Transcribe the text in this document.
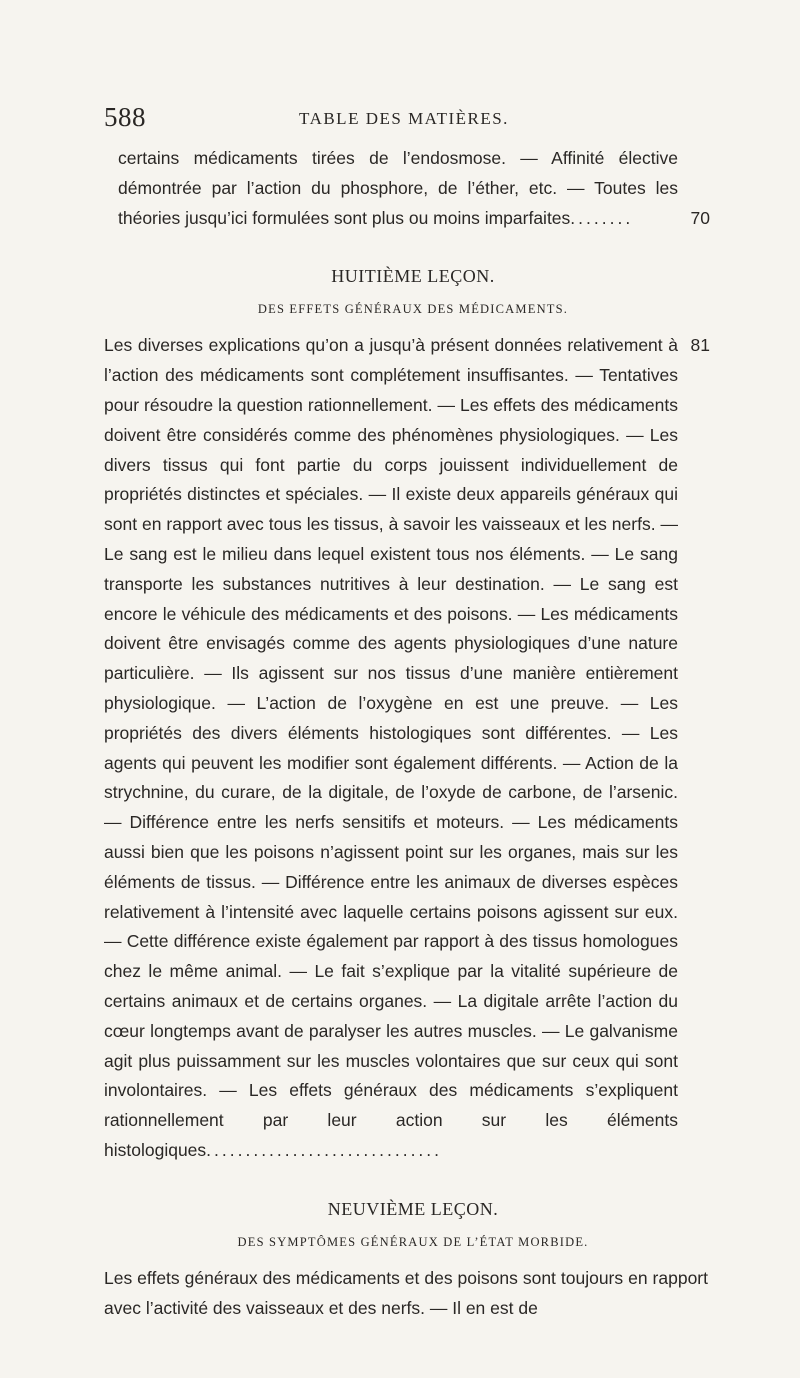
588	TABLE DES MATIÈRES.

70
certains médicaments tirées de l’endosmose. — Affinité élective démontrée par l’action du phosphore, de l’éther, etc. — Toutes les théories jusqu’ici formulées sont plus ou moins imparfaites........

HUITIÈME LEÇON.
DES EFFETS GÉNÉRAUX DES MÉDICAMENTS.

81
Les diverses explications qu’on a jusqu’à présent données relativement à l’action des médicaments sont complétement insuffisantes. — Tentatives pour résoudre la question rationnellement. — Les effets des médicaments doivent être considérés comme des phénomènes physiologiques. — Les divers tissus qui font partie du corps jouissent individuellement de propriétés distinctes et spéciales. — Il existe deux appareils généraux qui sont en rapport avec tous les tissus, à savoir les vaisseaux et les nerfs. — Le sang est le milieu dans lequel existent tous nos éléments. — Le sang transporte les substances nutritives à leur destination. — Le sang est encore le véhicule des médicaments et des poisons. — Les médicaments doivent être envisagés comme des agents physiologiques d’une nature particulière. — Ils agissent sur nos tissus d’une manière entièrement physiologique. — L’action de l’oxygène en est une preuve. — Les propriétés des divers éléments histologiques sont différentes. — Les agents qui peuvent les modifier sont également différents. — Action de la strychnine, du curare, de la digitale, de l’oxyde de carbone, de l’arsenic. — Différence entre les nerfs sensitifs et moteurs. — Les médicaments aussi bien que les poisons n’agissent point sur les organes, mais sur les éléments de tissus. — Différence entre les animaux de diverses espèces relativement à l’intensité avec laquelle certains poisons agissent sur eux. — Cette différence existe également par rapport à des tissus homologues chez le même animal. — Le fait s’explique par la vitalité supérieure de certains animaux et de certains organes. — La digitale arrête l’action du cœur longtemps avant de paralyser les autres muscles. — Le galvanisme agit plus puissamment sur les muscles volontaires que sur ceux qui sont involontaires. — Les effets généraux des médicaments s’expliquent rationnellement par leur action sur les éléments histologiques..............................

NEUVIÈME LEÇON.
DES SYMPTÔMES GÉNÉRAUX DE L’ÉTAT MORBIDE.

Les effets généraux des médicaments et des poisons sont toujours en rapport avec l’activité des vaisseaux et des nerfs. — Il en est de
